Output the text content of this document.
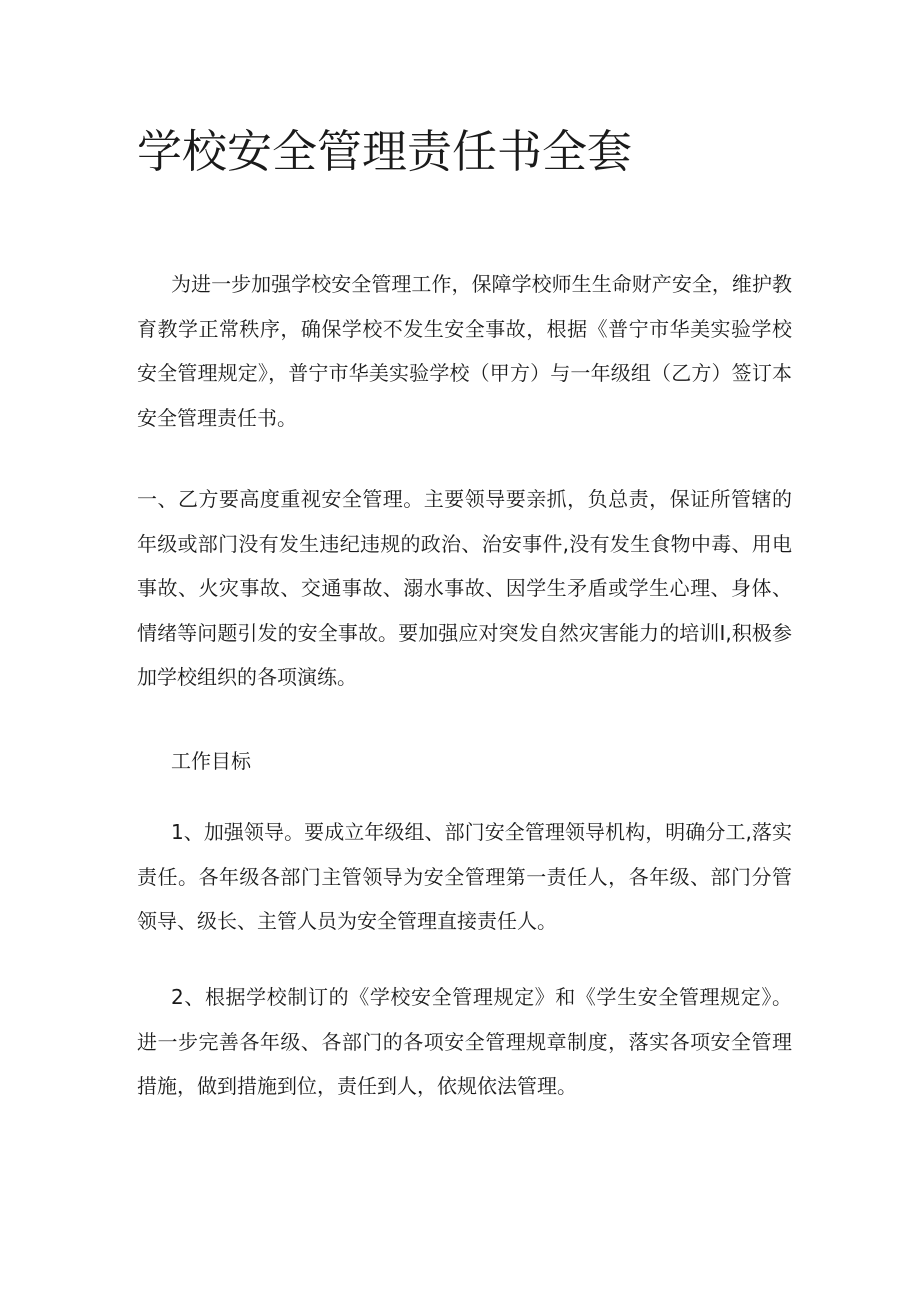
学校安全管理责任书全套

为进一步加强学校安全管理工作，保障学校师生生命财产安全，维护教育教学正常秩序，确保学校不发生安全事故，根据《普宁市华美实验学校安全管理规定》，普宁市华美实验学校（甲方）与一年级组（乙方）签订本安全管理责任书。

一、乙方要高度重视安全管理。主要领导要亲抓，负总责，保证所管辖的年级或部门没有发生违纪违规的政治、治安事件,没有发生食物中毒、用电事故、火灾事故、交通事故、溺水事故、因学生矛盾或学生心理、身体、情绪等问题引发的安全事故。要加强应对突发自然灾害能力的培训I,积极参加学校组织的各项演练。

工作目标

1、加强领导。要成立年级组、部门安全管理领导机构，明确分工,落实责任。各年级各部门主管领导为安全管理第一责任人，各年级、部门分管领导、级长、主管人员为安全管理直接责任人。

2、根据学校制订的《学校安全管理规定》和《学生安全管理规定》。进一步完善各年级、各部门的各项安全管理规章制度，落实各项安全管理措施，做到措施到位，责任到人，依规依法管理。
